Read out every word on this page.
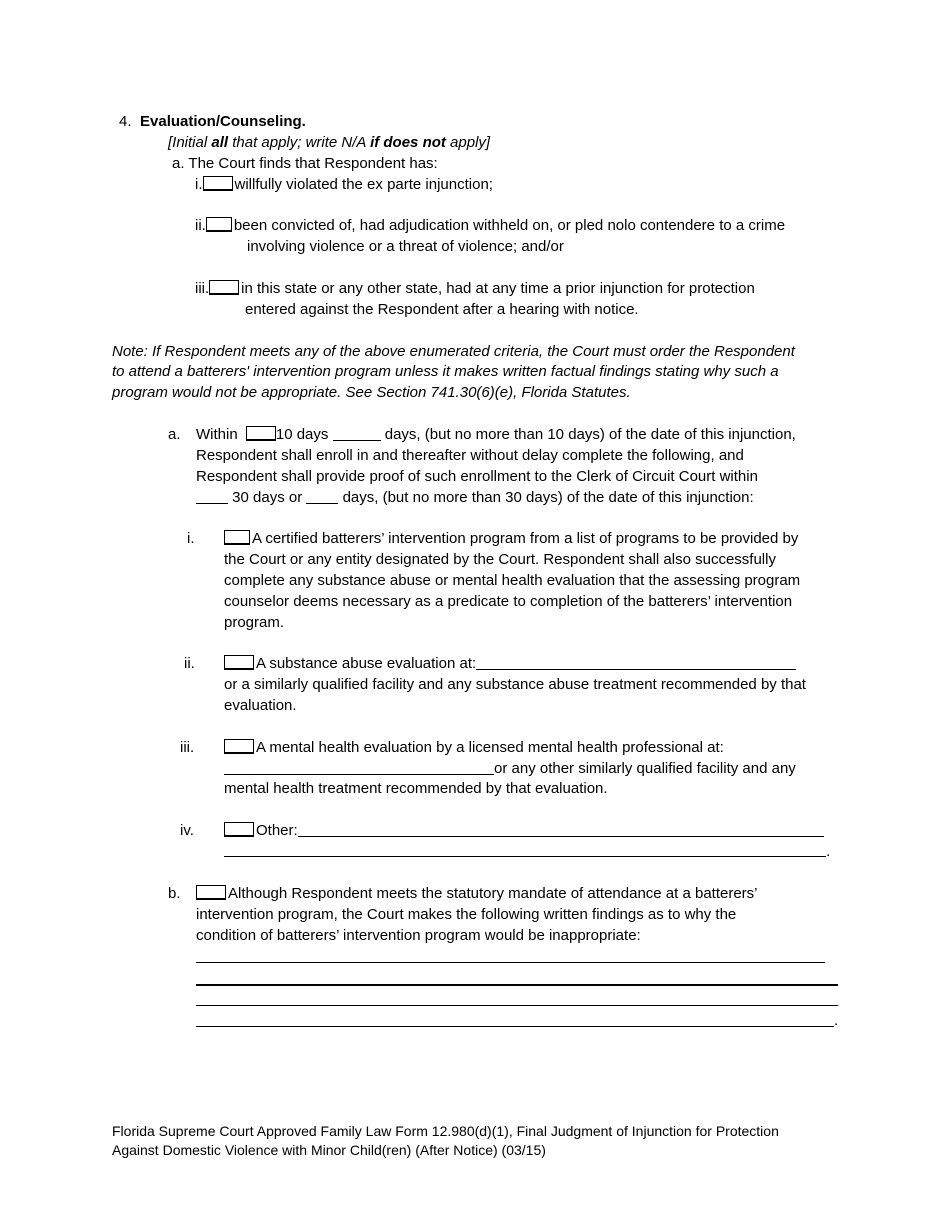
4. Evaluation/Counseling.
[Initial all that apply; write N/A if does not apply]
a. The Court finds that Respondent has:
i. willfully violated the ex parte injunction;
ii. been convicted of, had adjudication withheld on, or pled nolo contendere to a crime
involving violence or a threat of violence; and/or
iii. in this state or any other state, had at any time a prior injunction for protection
entered against the Respondent after a hearing with notice.
Note: If Respondent meets any of the above enumerated criteria, the Court must order the Respondent
to attend a batterers' intervention program unless it makes written factual findings stating why such a
program would not be appropriate. See Section 741.30(6)(e), Florida Statutes.
a. Within	10 days	days, (but no more than 10 days) of the date of this injunction,
Respondent shall enroll in and thereafter without delay complete the following, and
Respondent shall provide proof of such enrollment to the Clerk of Circuit Court within
30 days or	days, (but no more than 30 days) of the date of this injunction:
i.	A certified batterers’ intervention program from a list of programs to be provided by
the Court or any entity designated by the Court. Respondent shall also successfully
complete any substance abuse or mental health evaluation that the assessing program
counselor deems necessary as a predicate to completion of the batterers’ intervention
program.
ii.	A substance abuse evaluation at:
or a similarly qualified facility and any substance abuse treatment recommended by that
evaluation.
iii.	A mental health evaluation by a licensed mental health professional at:
or any other similarly qualified facility and any
mental health treatment recommended by that evaluation.
iv.	Other:
.
b.	Although Respondent meets the statutory mandate of attendance at a batterers’
intervention program, the Court makes the following written findings as to why the
condition of batterers’ intervention program would be inappropriate:
.
Florida Supreme Court Approved Family Law Form 12.980(d)(1), Final Judgment of Injunction for Protection
Against Domestic Violence with Minor Child(ren) (After Notice) (03/15)
